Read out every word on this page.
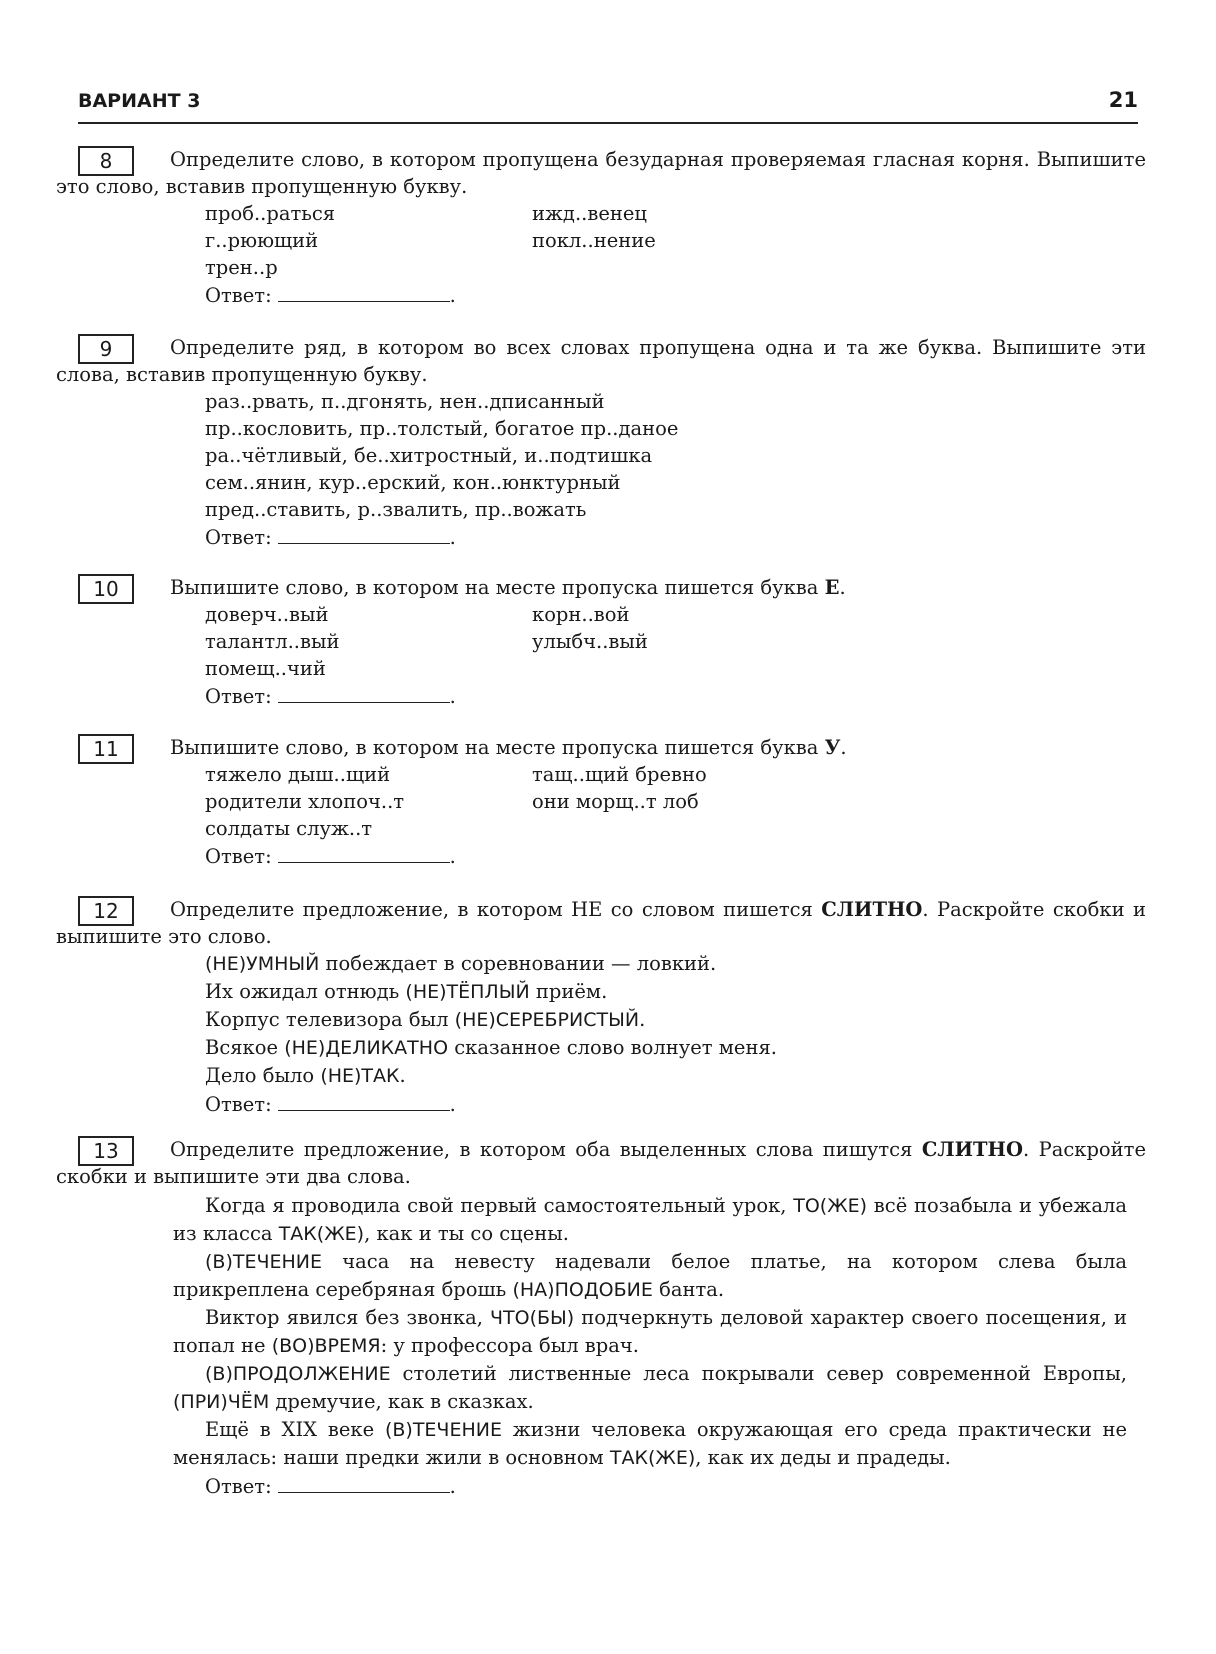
ВАРИАНТ 3	21
8	Определите слово, в котором пропущена безударная проверяемая гласная корня. Выпишите это слово, вставив пропущенную букву.
проб..раться	ижд..венец
г..рюющий	покл..нение
трен..р
Ответ:	.
9	Определите ряд, в котором во всех словах пропущена одна и та же буква. Выпишите эти слова, вставив пропущенную букву.
раз..рвать, п..дгонять, нен..дписанный
пр..кословить, пр..толстый, богатое пр..даное
ра..чётливый, бе..хитростный, и..подтишка
сем..янин, кур..ерский, кон..юнктурный
пред..ставить, р..звалить, пр..вожать
Ответ:	.
10	Выпишите слово, в котором на месте пропуска пишется буква Е.
доверч..вый	корн..вой
талантл..вый	улыбч..вый
помещ..чий
Ответ:	.
11	Выпишите слово, в котором на месте пропуска пишется буква У.
тяжело дыш..щий	тащ..щий бревно
родители хлопоч..т	они морщ..т лоб
солдаты служ..т
Ответ:	.
12	Определите предложение, в котором НЕ со словом пишется СЛИТНО. Раскройте скобки и выпишите это слово.
(НЕ)УМНЫЙ побеждает в соревновании — ловкий.
Их ожидал отнюдь (НЕ)ТЁПЛЫЙ приём.
Корпус телевизора был (НЕ)СЕРЕБРИСТЫЙ.
Всякое (НЕ)ДЕЛИКАТНО сказанное слово волнует меня.
Дело было (НЕ)ТАК.
Ответ:	.
13	Определите предложение, в котором оба выделенных слова пишутся СЛИТНО. Раскройте скобки и выпишите эти два слова.
Когда я проводила свой первый самостоятельный урок, ТО(ЖЕ) всё позабыла и убежала из класса ТАК(ЖЕ), как и ты со сцены.
(В)ТЕЧЕНИЕ часа на невесту надевали белое платье, на котором слева была прикреплена серебряная брошь (НА)ПОДОБИЕ банта.
Виктор явился без звонка, ЧТО(БЫ) подчеркнуть деловой характер своего посещения, и попал не (ВО)ВРЕМЯ: у профессора был врач.
(В)ПРОДОЛЖЕНИЕ столетий лиственные леса покрывали север современной Европы, (ПРИ)ЧЁМ дремучие, как в сказках.
Ещё в XIX веке (В)ТЕЧЕНИЕ жизни человека окружающая его среда практически не менялась: наши предки жили в основном ТАК(ЖЕ), как их деды и прадеды.
Ответ:	.
